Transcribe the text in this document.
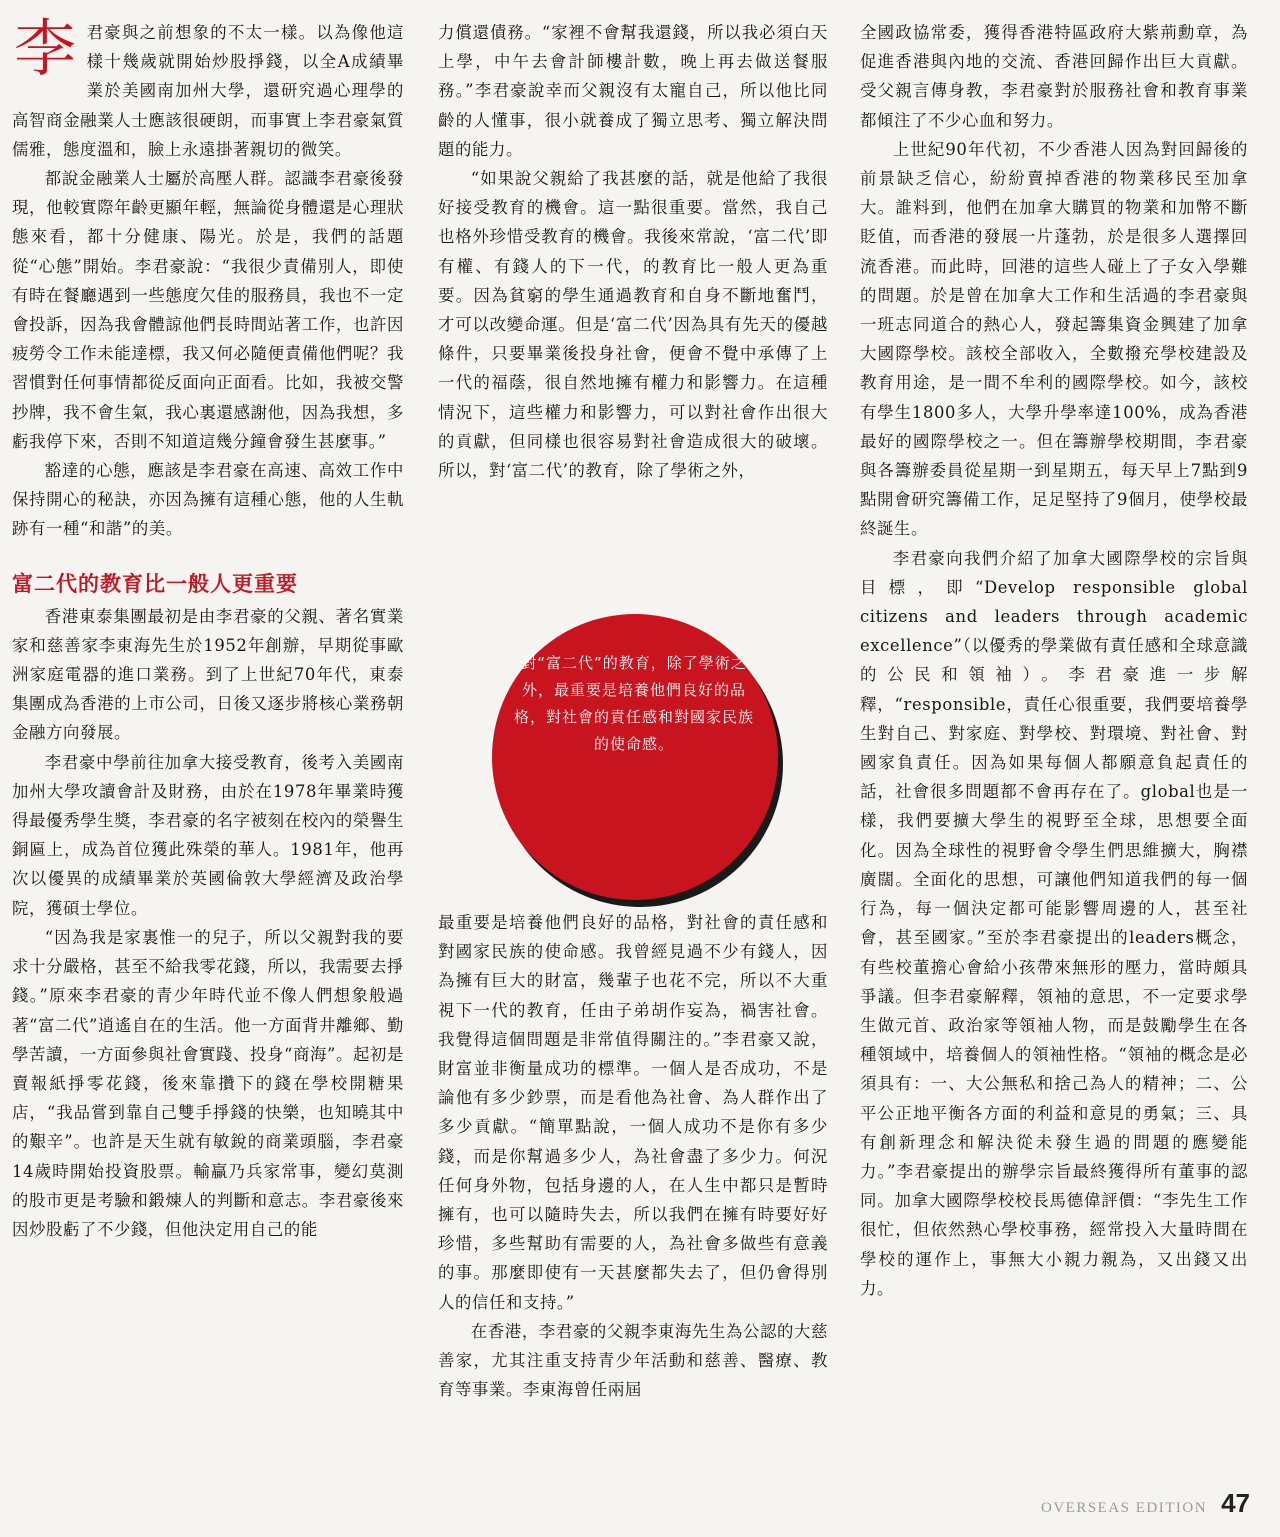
李 君豪與之前想象的不太一樣。以為像他這樣十幾歲就開始炒股掙錢，以全A成績畢業於美國南加州大學，還研究過心理學的高智商金融業人士應該很硬朗，而事實上李君豪氣質儒雅，態度溫和，臉上永遠掛著親切的微笑。

都說金融業人士屬於高壓人群。認識李君豪後發現，他較實際年齡更顯年輕，無論從身體還是心理狀態來看，都十分健康、陽光。於是，我們的話題從“心態”開始。李君豪說：“我很少責備別人，即使有時在餐廳遇到一些態度欠佳的服務員，我也不一定會投訴，因為我會體諒他們長時間站著工作，也許因疲勞令工作未能達標，我又何必隨便責備他們呢？我習慣對任何事情都從反面向正面看。比如，我被交警抄牌，我不會生氣，我心裏還感謝他，因為我想，多虧我停下來，否則不知道這幾分鐘會發生甚麼事。”

豁達的心態，應該是李君豪在高速、高效工作中保持開心的秘訣，亦因為擁有這種心態，他的人生軌跡有一種“和諧”的美。

富二代的教育比一般人更重要

香港東泰集團最初是由李君豪的父親、著名實業家和慈善家李東海先生於1952年創辦，早期從事歐洲家庭電器的進口業務。到了上世紀70年代，東泰集團成為香港的上市公司，日後又逐步將核心業務朝金融方向發展。

李君豪中學前往加拿大接受教育，後考入美國南加州大學攻讀會計及財務，由於在1978年畢業時獲得最優秀學生獎，李君豪的名字被刻在校內的榮譽生銅匾上，成為首位獲此殊榮的華人。1981年，他再次以優異的成績畢業於英國倫敦大學經濟及政治學院，獲碩士學位。

“因為我是家裏惟一的兒子，所以父親對我的要求十分嚴格，甚至不給我零花錢，所以，我需要去掙錢。”原來李君豪的青少年時代並不像人們想象般過著“富二代”逍遙自在的生活。他一方面背井離鄉、勤學苦讀，一方面參與社會實踐、投身“商海”。起初是賣報紙掙零花錢，後來靠攢下的錢在學校開糖果店，“我品嘗到靠自己雙手掙錢的快樂，也知曉其中的艱辛”。也許是天生就有敏銳的商業頭腦，李君豪14歲時開始投資股票。輸贏乃兵家常事，變幻莫測的股市更是考驗和鍛煉人的判斷和意志。李君豪後來因炒股虧了不少錢，但他決定用自己的能

力償還債務。“家裡不會幫我還錢，所以我必須白天上學，中午去會計師樓計數，晚上再去做送餐服務。”李君豪說幸而父親沒有太寵自己，所以他比同齡的人懂事，很小就養成了獨立思考、獨立解決問題的能力。

“如果說父親給了我甚麼的話，就是他給了我很好接受教育的機會。這一點很重要。當然，我自己也格外珍惜受教育的機會。我後來常說，‘富二代’即有權、有錢人的下一代，的教育比一般人更為重要。因為貧窮的學生通過教育和自身不斷地奮鬥，才可以改變命運。但是‘富二代’因為具有先天的優越條件，只要畢業後投身社會，便會不覺中承傳了上一代的福蔭，很自然地擁有權力和影響力。在這種情況下，這些權力和影響力，可以對社會作出很大的貢獻，但同樣也很容易對社會造成很大的破壞。所以，對‘富二代’的教育，除了學術之外，

對“富二代”的教育，除了學術之外，最重要是培養他們良好的品格，對社會的責任感和對國家民族的使命感。

最重要是培養他們良好的品格，對社會的責任感和對國家民族的使命感。我曾經見過不少有錢人，因為擁有巨大的財富，幾輩子也花不完，所以不大重視下一代的教育，任由子弟胡作妄為，禍害社會。我覺得這個問題是非常值得關注的。”李君豪又說，財富並非衡量成功的標準。一個人是否成功，不是論他有多少鈔票，而是看他為社會、為人群作出了多少貢獻。“簡單點說，一個人成功不是你有多少錢，而是你幫過多少人，為社會盡了多少力。何況任何身外物，包括身邊的人，在人生中都只是暫時擁有，也可以隨時失去，所以我們在擁有時要好好珍惜，多些幫助有需要的人，為社會多做些有意義的事。那麼即使有一天甚麼都失去了，但仍會得別人的信任和支持。”

在香港，李君豪的父親李東海先生為公認的大慈善家，尤其注重支持青少年活動和慈善、醫療、教育等事業。李東海曾任兩屆

全國政協常委，獲得香港特區政府大紫荊勳章，為促進香港與內地的交流、香港回歸作出巨大貢獻。受父親言傳身教，李君豪對於服務社會和教育事業都傾注了不少心血和努力。

上世紀90年代初，不少香港人因為對回歸後的前景缺乏信心，紛紛賣掉香港的物業移民至加拿大。誰料到，他們在加拿大購買的物業和加幣不斷貶值，而香港的發展一片蓬勃，於是很多人選擇回流香港。而此時，回港的這些人碰上了子女入學難的問題。於是曾在加拿大工作和生活過的李君豪與一班志同道合的熱心人，發起籌集資金興建了加拿大國際學校。該校全部收入，全數撥充學校建設及教育用途，是一間不牟利的國際學校。如今，該校有學生1800多人，大學升學率達100%，成為香港最好的國際學校之一。但在籌辦學校期間，李君豪與各籌辦委員從星期一到星期五，每天早上7點到9點開會研究籌備工作，足足堅持了9個月，使學校最終誕生。

李君豪向我們介紹了加拿大國際學校的宗旨與目標，即“Develop responsible global citizens and leaders through academic excellence”（以優秀的學業做有責任感和全球意識的公民和領袖）。李君豪進一步解釋，“responsible，責任心很重要，我們要培養學生對自己、對家庭、對學校、對環境、對社會、對國家負責任。因為如果每個人都願意負起責任的話，社會很多問題都不會再存在了。global也是一樣，我們要擴大學生的視野至全球，思想要全面化。因為全球性的視野會令學生們思維擴大，胸襟廣闊。全面化的思想，可讓他們知道我們的每一個行為，每一個決定都可能影響周邊的人，甚至社會，甚至國家。”至於李君豪提出的leaders概念，有些校董擔心會給小孩帶來無形的壓力，當時頗具爭議。但李君豪解釋，領袖的意思，不一定要求學生做元首、政治家等領袖人物，而是鼓勵學生在各種領域中，培養個人的領袖性格。“領袖的概念是必須具有：一、大公無私和捨己為人的精神；二、公平公正地平衡各方面的利益和意見的勇氣；三、具有創新理念和解決從未發生過的問題的應變能力。”李君豪提出的辦學宗旨最終獲得所有董事的認同。加拿大國際學校校長馬德偉評價：“李先生工作很忙，但依然熱心學校事務，經常投入大量時間在學校的運作上，事無大小親力親為，又出錢又出力。

OVERSEAS EDITION 47
